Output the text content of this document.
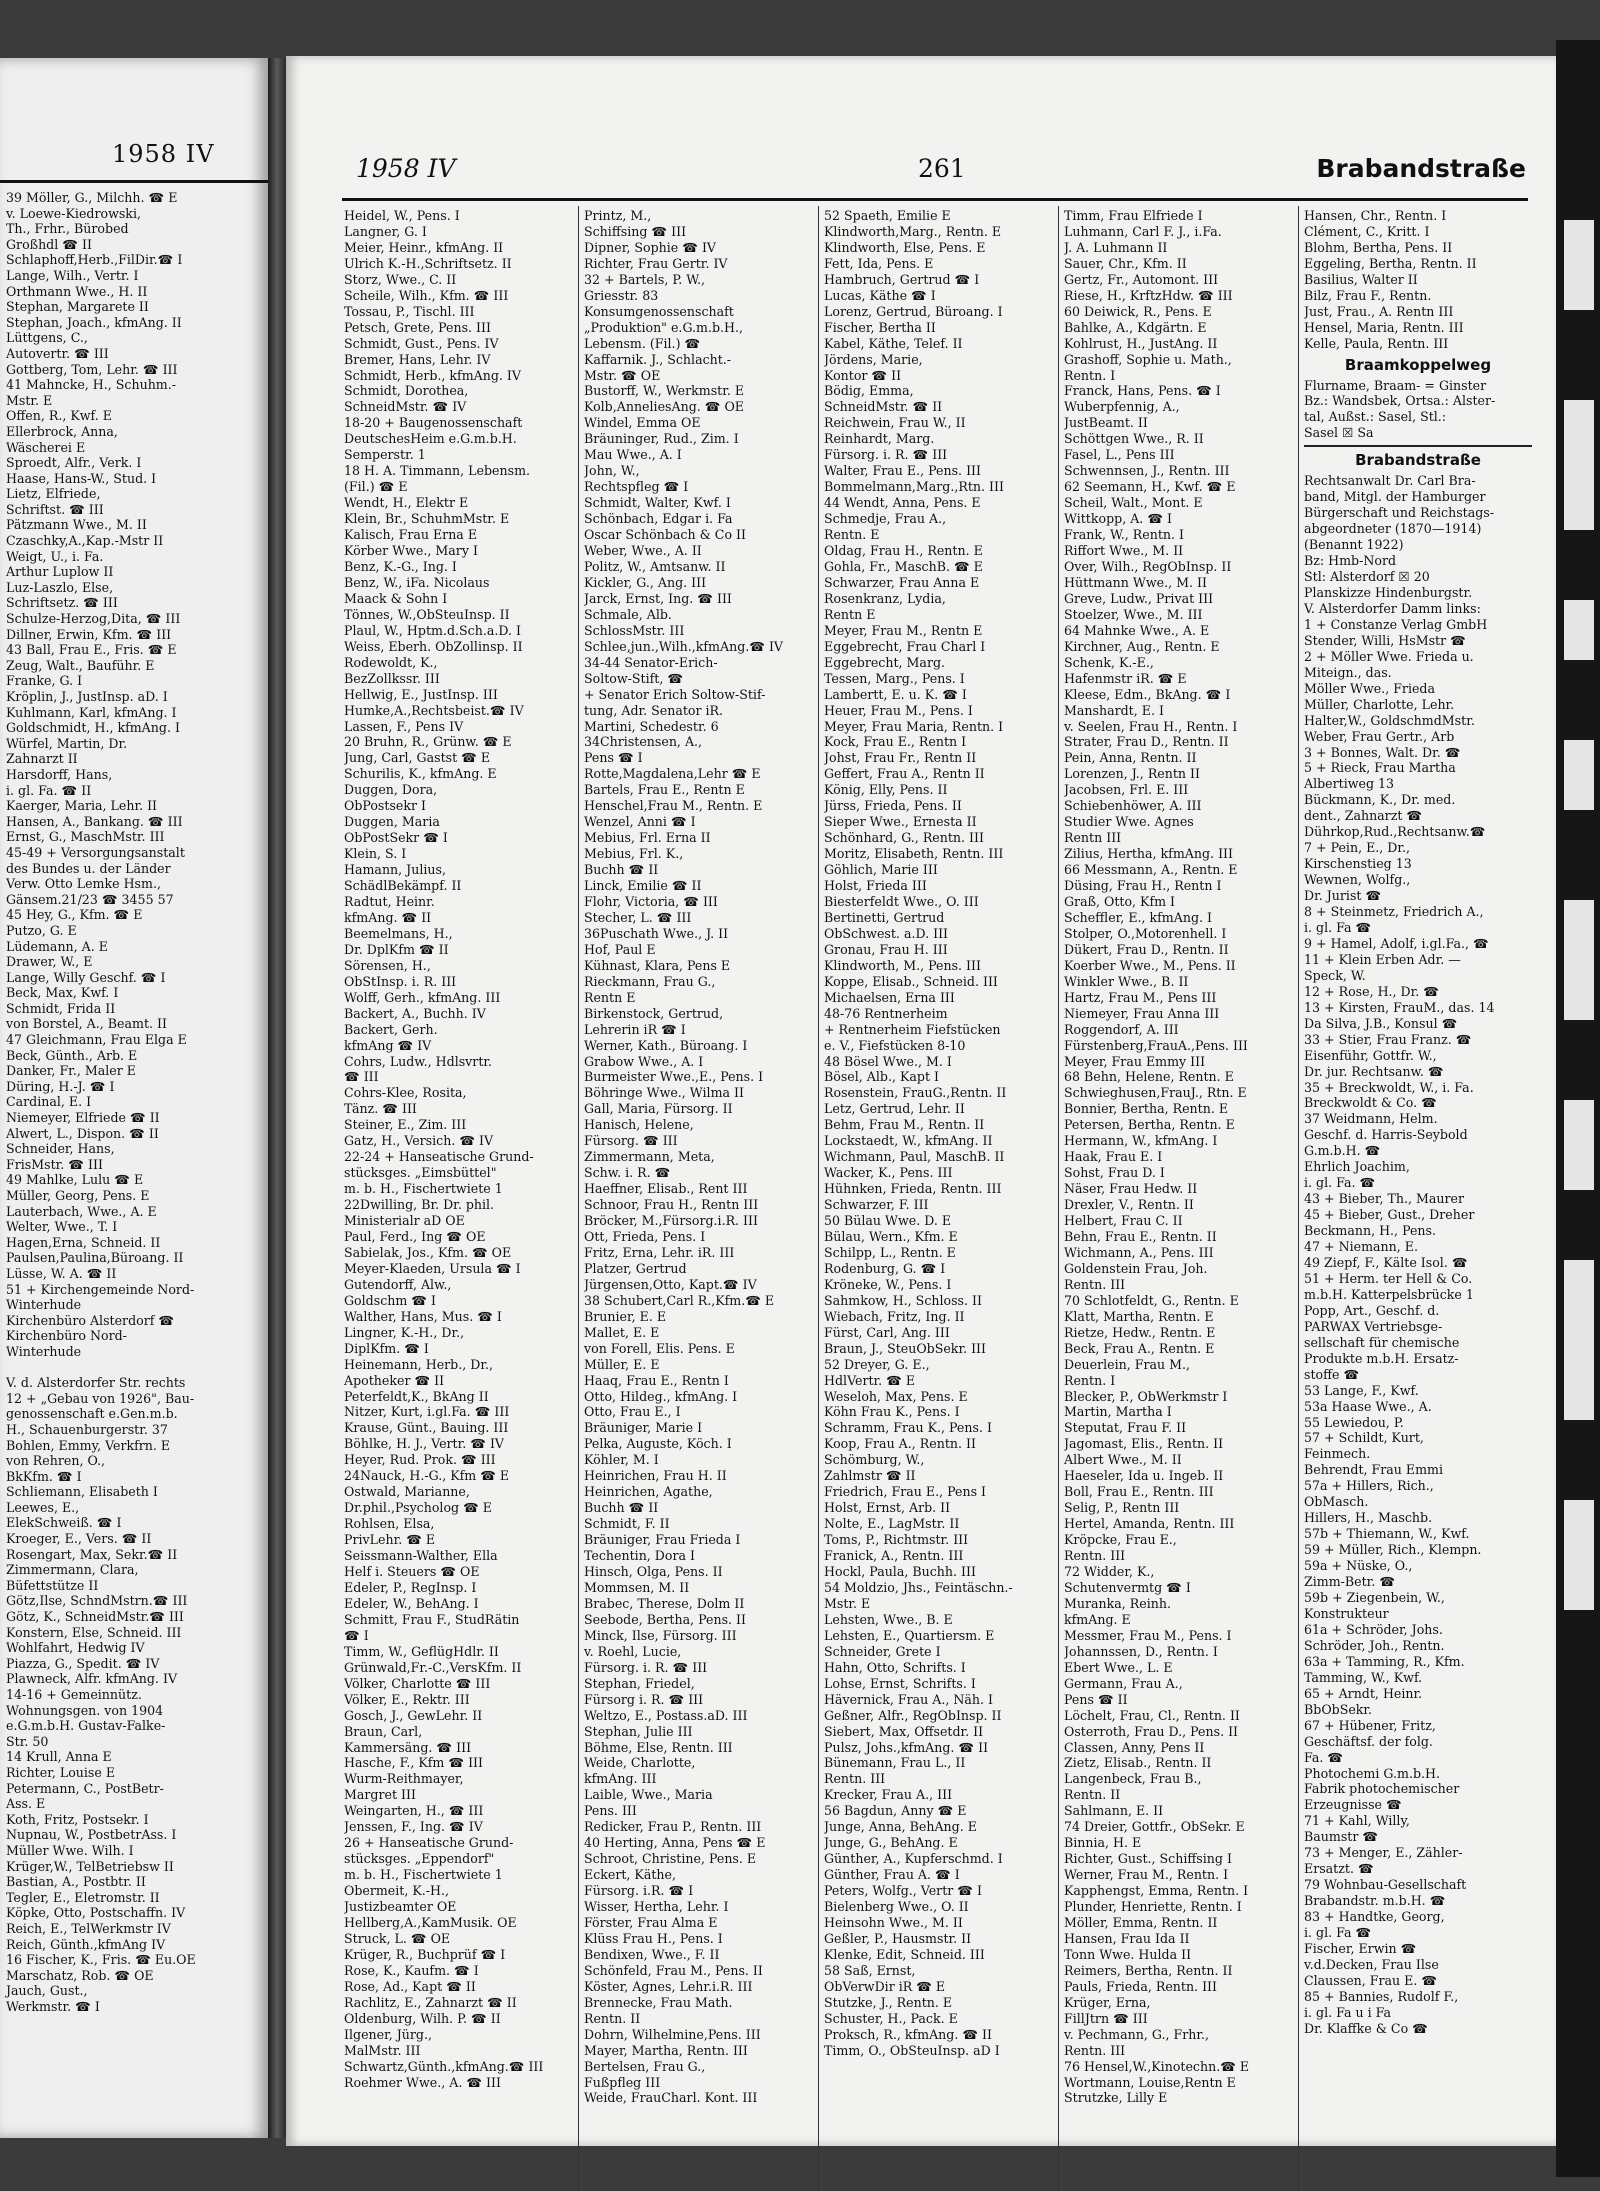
1958 IV
39 Möller, G., Milchh. ☎ E
v. Loewe-Kiedrowski,
Th., Frhr., Bürobed
Großhdl ☎ II
Schlaphoff,Herb.,FilDir.☎ I
Lange, Wilh., Vertr. I
Orthmann Wwe., H. II
Stephan, Margarete II
Stephan, Joach., kfmAng. II
Lüttgens, C.,
Autovertr. ☎ III
Gottberg, Tom, Lehr. ☎ III
41 Mahncke, H., Schuhm.-
Mstr. E
Offen, R., Kwf. E
Ellerbrock, Anna,
Wäscherei E
Sproedt, Alfr., Verk. I
Haase, Hans-W., Stud. I
Lietz, Elfriede,
Schriftst. ☎ III
Pätzmann Wwe., M. II
Czaschky,A.,Kap.-Mstr II
Weigt, U., i. Fa.
Arthur Luplow II
Luz-Laszlo, Else,
Schriftsetz. ☎ III
Schulze-Herzog,Dita, ☎ III
Dillner, Erwin, Kfm. ☎ III
43 Ball, Frau E., Fris. ☎ E
Zeug, Walt., Bauführ. E
Franke, G. I
Kröplin, J., JustInsp. aD. I
Kuhlmann, Karl, kfmAng. I
Goldschmidt, H., kfmAng. I
Würfel, Martin, Dr.
Zahnarzt II
Harsdorff, Hans,
i. gl. Fa. ☎ II
Kaerger, Maria, Lehr. II
Hansen, A., Bankang. ☎ III
Ernst, G., MaschMstr. III
45-49 + Versorgungsanstalt
des Bundes u. der Länder
Verw. Otto Lemke Hsm.,
Gänsem.21/23 ☎ 3455 57
45 Hey, G., Kfm. ☎ E
Putzo, G. E
Lüdemann, A. E
Drawer, W., E
Lange, Willy Geschf. ☎ I
Beck, Max, Kwf. I
Schmidt, Frida II
von Borstel, A., Beamt. II
47 Gleichmann, Frau Elga E
Beck, Günth., Arb. E
Danker, Fr., Maler E
Düring, H.-J. ☎ I
Cardinal, E. I
Niemeyer, Elfriede ☎ II
Alwert, L., Dispon. ☎ II
Schneider, Hans,
FrisMstr. ☎ III
49 Mahlke, Lulu ☎ E
Müller, Georg, Pens. E
Lauterbach, Wwe., A. E
Welter, Wwe., T. I
Hagen,Erna, Schneid. II
Paulsen,Paulina,Büroang. II
Lüsse, W. A. ☎ II
51 + Kirchengemeinde Nord-
Winterhude
Kirchenbüro Alsterdorf ☎
Kirchenbüro Nord-
Winterhude

V. d. Alsterdorfer Str. rechts
12 + „Gebau von 1926", Bau-
genossenschaft e.Gen.m.b.
H., Schauenburgerstr. 37
Bohlen, Emmy, Verkfrn. E
von Rehren, O.,
BkKfm. ☎ I
Schliemann, Elisabeth I
Leewes, E.,
ElekSchweiß. ☎ I
Kroeger, E., Vers. ☎ II
Rosengart, Max, Sekr.☎ II
Zimmermann, Clara,
Büfettstütze II
Götz,Ilse, SchndMstrn.☎ III
Götz, K., SchneidMstr.☎ III
Konstern, Else, Schneid. III
Wohlfahrt, Hedwig IV
Piazza, G., Spedit. ☎ IV
Plawneck, Alfr. kfmAng. IV
14-16 + Gemeinnütz.
Wohnungsgen. von 1904
e.G.m.b.H. Gustav-Falke-
Str. 50
14 Krull, Anna E
Richter, Louise E
Petermann, C., PostBetr-
Ass. E
Koth, Fritz, Postsekr. I
Nupnau, W., PostbetrAss. I
Müller Wwe. Wilh. I
Krüger,W., TelBetriebsw II
Bastian, A., Postbtr. II
Tegler, E., Eletromstr. II
Köpke, Otto, Postschaffn. IV
Reich, E., TelWerkmstr IV
Reich, Günth.,kfmAng IV
16 Fischer, K., Fris. ☎ Eu.OE
Marschatz, Rob. ☎ OE
Jauch, Gust.,
Werkmstr. ☎ I
1958 IV	261	Brabandstraße
Heidel, W., Pens. I
Langner, G. I
Meier, Heinr., kfmAng. II
Ulrich K.-H.,Schriftsetz. II
Storz, Wwe., C. II
Scheile, Wilh., Kfm. ☎ III
Tossau, P., Tischl. III
Petsch, Grete, Pens. III
Schmidt, Gust., Pens. IV
Bremer, Hans, Lehr. IV
Schmidt, Herb., kfmAng. IV
Schmidt, Dorothea,
SchneidMstr. ☎ IV
18-20 + Baugenossenschaft
DeutschesHeim e.G.m.b.H.
Semperstr. 1
18 H. A. Timmann, Lebensm.
(Fil.) ☎ E
Wendt, H., Elektr E
Klein, Br., SchuhmMstr. E
Kalisch, Frau Erna E
Körber Wwe., Mary I
Benz, K.-G., Ing. I
Benz, W., iFa. Nicolaus
Maack & Sohn I
Tönnes, W.,ObSteuInsp. II
Plaul, W., Hptm.d.Sch.a.D. I
Weiss, Eberh. ObZollinsp. II
Rodewoldt, K.,
BezZollkssr. III
Hellwig, E., JustInsp. III
Humke,A.,Rechtsbeist.☎ IV
Lassen, F., Pens IV
20 Bruhn, R., Grünw. ☎ E
Jung, Carl, Gastst ☎ E
Schurilis, K., kfmAng. E
Duggen, Dora,
ObPostsekr I
Duggen, Maria
ObPostSekr ☎ I
Klein, S. I
Hamann, Julius,
SchädlBekämpf. II
Radtut, Heinr.
kfmAng. ☎ II
Beemelmans, H.,
Dr. DplKfm ☎ II
Sörensen, H.,
ObStInsp. i. R. III
Wolff, Gerh., kfmAng. III
Backert, A., Buchh. IV
Backert, Gerh.
kfmAng ☎ IV
Cohrs, Ludw., Hdlsvrtr.
☎ III
Cohrs-Klee, Rosita,
Tänz. ☎ III
Steiner, E., Zim. III
Gatz, H., Versich. ☎ IV
22-24 + Hanseatische Grund-
stücksges. „Eimsbüttel"
m. b. H., Fischertwiete 1
22Dwilling, Br. Dr. phil.
Ministerialr aD OE
Paul, Ferd., Ing ☎ OE
Sabielak, Jos., Kfm. ☎ OE
Meyer-Klaeden, Ursula ☎ I
Gutendorff, Alw.,
Goldschm ☎ I
Walther, Hans, Mus. ☎ I
Lingner, K.-H., Dr.,
DiplKfm. ☎ I
Heinemann, Herb., Dr.,
Apotheker ☎ II
Peterfeldt,K., BkAng II
Nitzer, Kurt, i.gl.Fa. ☎ III
Krause, Günt., Bauing. III
Böhlke, H. J., Vertr. ☎ IV
Heyer, Rud. Prok. ☎ III
24Nauck, H.-G., Kfm ☎ E
Ostwald, Marianne,
Dr.phil.,Psycholog ☎ E
Rohlsen, Elsa,
PrivLehr. ☎ E
Seissmann-Walther, Ella
Helf i. Steuers ☎ OE
Edeler, P., RegInsp. I
Edeler, W., BehAng. I
Schmitt, Frau F., StudRätin
☎ I
Timm, W., GeflügHdlr. II
Grünwald,Fr.-C.,VersKfm. II
Völker, Charlotte ☎ III
Völker, E., Rektr. III
Gosch, J., GewLehr. II
Braun, Carl,
Kammersäng. ☎ III
Hasche, F., Kfm ☎ III
Wurm-Reithmayer,
Margret III
Weingarten, H., ☎ III
Jenssen, F., Ing. ☎ IV
26 + Hanseatische Grund-
stücksges. „Eppendorf"
m. b. H., Fischertwiete 1
Obermeit, K.-H.,
Justizbeamter OE
Hellberg,A.,KamMusik. OE
Struck, L. ☎ OE
Krüger, R., Buchprüf ☎ I
Rose, K., Kaufm. ☎ I
Rose, Ad., Kapt ☎ II
Rachlitz, E., Zahnarzt ☎ II
Oldenburg, Wilh. P. ☎ II
Ilgener, Jürg.,
MalMstr. III
Schwartz,Günth.,kfmAng.☎ III
Roehmer Wwe., A. ☎ III
Printz, M.,
Schiffsing ☎ III
Dipner, Sophie ☎ IV
Richter, Frau Gertr. IV
32 + Bartels, P. W.,
Griesstr. 83
Konsumgenossenschaft
„Produktion" e.G.m.b.H.,
Lebensm. (Fil.) ☎
Kaffarnik. J., Schlacht.-
Mstr. ☎ OE
Bustorff, W., Werkmstr. E
Kolb,AnneliesAng. ☎ OE
Windel, Emma OE
Bräuninger, Rud., Zim. I
Mau Wwe., A. I
John, W.,
Rechtspfleg ☎ I
Schmidt, Walter, Kwf. I
Schönbach, Edgar i. Fa
Oscar Schönbach & Co II
Weber, Wwe., A. II
Politz, W., Amtsanw. II
Kickler, G., Ang. III
Jarck, Ernst, Ing. ☎ III
Schmale, Alb.
SchlossMstr. III
Schlee,jun.,Wilh.,kfmAng.☎ IV
34-44 Senator-Erich-
Soltow-Stift, ☎
+ Senator Erich Soltow-Stif-
tung, Adr. Senator iR.
Martini, Schedestr. 6
34Christensen, A.,
Pens ☎ I
Rotte,Magdalena,Lehr ☎ E
Bartels, Frau E., Rentn E
Henschel,Frau M., Rentn. E
Wenzel, Anni ☎ I
Mebius, Frl. Erna II
Mebius, Frl. K.,
Buchh ☎ II
Linck, Emilie ☎ II
Flohr, Victoria, ☎ III
Stecher, L. ☎ III
36Puschath Wwe., J. II
Hof, Paul E
Kühnast, Klara, Pens E
Rieckmann, Frau G.,
Rentn E
Birkenstock, Gertrud,
Lehrerin iR ☎ I
Werner, Kath., Büroang. I
Grabow Wwe., A. I
Burmeister Wwe.,E., Pens. I
Böhringe Wwe., Wilma II
Gall, Maria, Fürsorg. II
Hanisch, Helene,
Fürsorg. ☎ III
Zimmermann, Meta,
Schw. i. R. ☎
Haeffner, Elisab., Rent III
Schnoor, Frau H., Rentn III
Bröcker, M.,Fürsorg.i.R. III
Ott, Frieda, Pens. I
Fritz, Erna, Lehr. iR. III
Platzer, Gertrud
Jürgensen,Otto, Kapt.☎ IV
38 Schubert,Carl R.,Kfm.☎ E
Brunier, E. E
Mallet, E. E
von Forell, Elis. Pens. E
Müller, E. E
Haaq, Frau E., Rentn I
Otto, Hildeg., kfmAng. I
Otto, Frau E., I
Bräuniger, Marie I
Pelka, Auguste, Köch. I
Köhler, M. I
Heinrichen, Frau H. II
Heinrichen, Agathe,
Buchh ☎ II
Schmidt, F. II
Bräuniger, Frau Frieda I
Techentin, Dora I
Hinsch, Olga, Pens. II
Mommsen, M. II
Brabec, Therese, Dolm II
Seebode, Bertha, Pens. II
Minck, Ilse, Fürsorg. III
v. Roehl, Lucie,
Fürsorg. i. R. ☎ III
Stephan, Friedel,
Fürsorg i. R. ☎ III
Weltzo, E., Postass.aD. III
Stephan, Julie III
Böhme, Else, Rentn. III
Weide, Charlotte,
kfmAng. III
Laible, Wwe., Maria
Pens. III
Redicker, Frau P., Rentn. III
40 Herting, Anna, Pens ☎ E
Schroot, Christine, Pens. E
Eckert, Käthe,
Fürsorg. i.R. ☎ I
Wisser, Hertha, Lehr. I
Förster, Frau Alma E
Klüss Frau H., Pens. I
Bendixen, Wwe., F. II
Schönfeld, Frau M., Pens. II
Köster, Agnes, Lehr.i.R. III
Brennecke, Frau Math.
Rentn. II
Dohrn, Wilhelmine,Pens. III
Mayer, Martha, Rentn. III
Bertelsen, Frau G.,
Fußpfleg III
Weide, FrauCharl. Kont. III
52 Spaeth, Emilie E
Klindworth,Marg., Rentn. E
Klindworth, Else, Pens. E
Fett, Ida, Pens. E
Hambruch, Gertrud ☎ I
Lucas, Käthe ☎ I
Lorenz, Gertrud, Büroang. I
Fischer, Bertha II
Kabel, Käthe, Telef. II
Jördens, Marie,
Kontor ☎ II
Bödig, Emma,
SchneidMstr. ☎ II
Reichwein, Frau W., II
Reinhardt, Marg.
Fürsorg. i. R. ☎ III
Walter, Frau E., Pens. III
Bommelmann,Marg.,Rtn. III
44 Wendt, Anna, Pens. E
Schmedje, Frau A.,
Rentn. E
Oldag, Frau H., Rentn. E
Gohla, Fr., MaschB. ☎ E
Schwarzer, Frau Anna E
Rosenkranz, Lydia,
Rentn E
Meyer, Frau M., Rentn E
Eggebrecht, Frau Charl I
Eggebrecht, Marg.
Tessen, Marg., Pens. I
Lambertt, E. u. K. ☎ I
Heuer, Frau M., Pens. I
Meyer, Frau Maria, Rentn. I
Kock, Frau E., Rentn I
Johst, Frau Fr., Rentn II
Geffert, Frau A., Rentn II
König, Elly, Pens. II
Jürss, Frieda, Pens. II
Sieper Wwe., Ernesta II
Schönhard, G., Rentn. III
Moritz, Elisabeth, Rentn. III
Göhlich, Marie III
Holst, Frieda III
Biesterfeldt Wwe., O. III
Bertinetti, Gertrud
ObSchwest. a.D. III
Gronau, Frau H. III
Klindworth, M., Pens. III
Koppe, Elisab., Schneid. III
Michaelsen, Erna III
48-76 Rentnerheim
+ Rentnerheim Fiefstücken
e. V., Fiefstücken 8-10
48 Bösel Wwe., M. I
Bösel, Alb., Kapt I
Rosenstein, FrauG.,Rentn. II
Letz, Gertrud, Lehr. II
Behm, Frau M., Rentn. II
Lockstaedt, W., kfmAng. II
Wichmann, Paul, MaschB. II
Wacker, K., Pens. III
Hühnken, Frieda, Rentn. III
Schwarzer, F. III
50 Bülau Wwe. D. E
Bülau, Wern., Kfm. E
Schilpp, L., Rentn. E
Rodenburg, G. ☎ I
Kröneke, W., Pens. I
Sahmkow, H., Schloss. II
Wiebach, Fritz, Ing. II
Fürst, Carl, Ang. III
Braun, J., SteuObSekr. III
52 Dreyer, G. E.,
HdlVertr. ☎ E
Weseloh, Max, Pens. E
Köhn Frau K., Pens. I
Schramm, Frau K., Pens. I
Koop, Frau A., Rentn. II
Schömburg, W.,
Zahlmstr ☎ II
Friedrich, Frau E., Pens I
Holst, Ernst, Arb. II
Nolte, E., LagMstr. II
Toms, P., Richtmstr. III
Franick, A., Rentn. III
Hockl, Paula, Buchh. III
54 Moldzio, Jhs., Feintäschn.-
Mstr. E
Lehsten, Wwe., B. E
Lehsten, E., Quartiersm. E
Schneider, Grete I
Hahn, Otto, Schrifts. I
Lohse, Ernst, Schrifts. I
Hävernick, Frau A., Näh. I
Geßner, Alfr., RegObInsp. II
Siebert, Max, Offsetdr. II
Pulsz, Johs.,kfmAng. ☎ II
Bünemann, Frau L., II
Rentn. III
Krecker, Frau A., III
56 Bagdun, Anny ☎ E
Junge, Anna, BehAng. E
Junge, G., BehAng. E
Günther, A., Kupferschmd. I
Günther, Frau A. ☎ I
Peters, Wolfg., Vertr ☎ I
Bielenberg Wwe., O. II
Heinsohn Wwe., M. II
Geßler, P., Hausmstr. II
Klenke, Edit, Schneid. III
58 Saß, Ernst,
ObVerwDir iR ☎ E
Stutzke, J., Rentn. E
Schuster, H., Pack. E
Proksch, R., kfmAng. ☎ II
Timm, O., ObSteuInsp. aD I
Timm, Frau Elfriede I
Luhmann, Carl F. J., i.Fa.
J. A. Luhmann II
Sauer, Chr., Kfm. II
Gertz, Fr., Automont. III
Riese, H., KrftzHdw. ☎ III
60 Deiwick, R., Pens. E
Bahlke, A., Kdgärtn. E
Kohlrust, H., JustAng. II
Grashoff, Sophie u. Math.,
Rentn. I
Franck, Hans, Pens. ☎ I
Wuberpfennig, A.,
JustBeamt. II
Schöttgen Wwe., R. II
Fasel, L., Pens III
Schwennsen, J., Rentn. III
62 Seemann, H., Kwf. ☎ E
Scheil, Walt., Mont. E
Wittkopp, A. ☎ I
Frank, W., Rentn. I
Riffort Wwe., M. II
Over, Wilh., RegObInsp. II
Hüttmann Wwe., M. II
Greve, Ludw., Privat III
Stoelzer, Wwe., M. III
64 Mahnke Wwe., A. E
Kirchner, Aug., Rentn. E
Schenk, K.-E.,
Hafenmstr iR. ☎ E
Kleese, Edm., BkAng. ☎ I
Manshardt, E. I
v. Seelen, Frau H., Rentn. I
Strater, Frau D., Rentn. II
Pein, Anna, Rentn. II
Lorenzen, J., Rentn II
Jacobsen, Frl. E. III
Schiebenhöwer, A. III
Studier Wwe. Agnes
Rentn III
Zilius, Hertha, kfmAng. III
66 Messmann, A., Rentn. E
Düsing, Frau H., Rentn I
Graß, Otto, Kfm I
Scheffler, E., kfmAng. I
Stolper, O.,Motorenhell. I
Dükert, Frau D., Rentn. II
Koerber Wwe., M., Pens. II
Winkler Wwe., B. II
Hartz, Frau M., Pens III
Niemeyer, Frau Anna III
Roggendorf, A. III
Fürstenberg,FrauA.,Pens. III
Meyer, Frau Emmy III
68 Behn, Helene, Rentn. E
Schwieghusen,FrauJ., Rtn. E
Bonnier, Bertha, Rentn. E
Petersen, Bertha, Rentn. E
Hermann, W., kfmAng. I
Haak, Frau E. I
Sohst, Frau D. I
Näser, Frau Hedw. II
Drexler, V., Rentn. II
Helbert, Frau C. II
Behn, Frau E., Rentn. II
Wichmann, A., Pens. III
Goldenstein Frau, Joh.
Rentn. III
70 Schlotfeldt, G., Rentn. E
Klatt, Martha, Rentn. E
Rietze, Hedw., Rentn. E
Beck, Frau A., Rentn. E
Deuerlein, Frau M.,
Rentn. I
Blecker, P., ObWerkmstr I
Martin, Martha I
Steputat, Frau F. II
Jagomast, Elis., Rentn. II
Albert Wwe., M. II
Haeseler, Ida u. Ingeb. II
Boll, Frau E., Rentn. III
Selig, P., Rentn III
Hertel, Amanda, Rentn. III
Kröpcke, Frau E.,
Rentn. III
72 Widder, K.,
Schutenvermtg ☎ I
Muranka, Reinh.
kfmAng. E
Messmer, Frau M., Pens. I
Johannssen, D., Rentn. I
Ebert Wwe., L. E
Germann, Frau A.,
Pens ☎ II
Löchelt, Frau, Cl., Rentn. II
Osterroth, Frau D., Pens. II
Classen, Anny, Pens II
Zietz, Elisab., Rentn. II
Langenbeck, Frau B.,
Rentn. II
Sahlmann, E. II
74 Dreier, Gottfr., ObSekr. E
Binnia, H. E
Richter, Gust., Schiffsing I
Werner, Frau M., Rentn. I
Kapphengst, Emma, Rentn. I
Plunder, Henriette, Rentn. I
Möller, Emma, Rentn. II
Hansen, Frau Ida II
Tonn Wwe. Hulda II
Reimers, Bertha, Rentn. II
Pauls, Frieda, Rentn. III
Krüger, Erna,
FillJtrn ☎ III
v. Pechmann, G., Frhr.,
Rentn. III
76 Hensel,W.,Kinotechn.☎ E
Wortmann, Louise,Rentn E
Strutzke, Lilly E
Hansen, Chr., Rentn. I
Clément, C., Kritt. I
Blohm, Bertha, Pens. II
Eggeling, Bertha, Rentn. II
Basilius, Walter II
Bilz, Frau F., Rentn.
Just, Frau., A. Rentn III
Hensel, Maria, Rentn. III
Kelle, Paula, Rentn. III
Braamkoppelweg
Flurname, Braam- = Ginster
Bz.: Wandsbek, Ortsa.: Alster-
tal, Außst.: Sasel, Stl.:
Sasel ☒ Sa
Brabandstraße
Rechtsanwalt Dr. Carl Bra-
band, Mitgl. der Hamburger
Bürgerschaft und Reichstags-
abgeordneter (1870—1914)
(Benannt 1922)
Bz: Hmb-Nord
Stl: Alsterdorf ☒ 20
Planskizze Hindenburgstr.
V. Alsterdorfer Damm links:
1 + Constanze Verlag GmbH
Stender, Willi, HsMstr ☎
2 + Möller Wwe. Frieda u.
Miteign., das.
Möller Wwe., Frieda
Müller, Charlotte, Lehr.
Halter,W., GoldschmdMstr.
Weber, Frau Gertr., Arb
3 + Bonnes, Walt. Dr. ☎
5 + Rieck, Frau Martha
Albertiweg 13
Bückmann, K., Dr. med.
dent., Zahnarzt ☎
Dührkop,Rud.,Rechtsanw.☎
7 + Pein, E., Dr.,
Kirschenstieg 13
Wewnen, Wolfg.,
Dr. Jurist ☎
8 + Steinmetz, Friedrich A.,
i. gl. Fa ☎
9 + Hamel, Adolf, i.gl.Fa., ☎
11 + Klein Erben Adr. —
Speck, W.
12 + Rose, H., Dr. ☎
13 + Kirsten, FrauM., das. 14
Da Silva, J.B., Konsul ☎
33 + Stier, Frau Franz. ☎
Eisenführ, Gottfr. W.,
Dr. jur. Rechtsanw. ☎
35 + Breckwoldt, W., i. Fa.
Breckwoldt & Co. ☎
37 Weidmann, Helm.
Geschf. d. Harris-Seybold
G.m.b.H. ☎
Ehrlich Joachim,
i. gl. Fa. ☎
43 + Bieber, Th., Maurer
45 + Bieber, Gust., Dreher
Beckmann, H., Pens.
47 + Niemann, E.
49 Ziepf, F., Kälte Isol. ☎
51 + Herm. ter Hell & Co.
m.b.H. Katterpelsbrücke 1
Popp, Art., Geschf. d.
PARWAX Vertriebsge-
sellschaft für chemische
Produkte m.b.H. Ersatz-
stoffe ☎
53 Lange, F., Kwf.
53a Haase Wwe., A.
55 Lewiedou, P.
57 + Schildt, Kurt,
Feinmech.
Behrendt, Frau Emmi
57a + Hillers, Rich.,
ObMasch.
Hillers, H., Maschb.
57b + Thiemann, W., Kwf.
59 + Müller, Rich., Klempn.
59a + Nüske, O.,
Zimm-Betr. ☎
59b + Ziegenbein, W.,
Konstrukteur
61a + Schröder, Johs.
Schröder, Joh., Rentn.
63a + Tamming, R., Kfm.
Tamming, W., Kwf.
65 + Arndt, Heinr.
BbObSekr.
67 + Hübener, Fritz,
Geschäftsf. der folg.
Fa. ☎
Photochemi G.m.b.H.
Fabrik photochemischer
Erzeugnisse ☎
71 + Kahl, Willy,
Baumstr ☎
73 + Menger, E., Zähler-
Ersatzt. ☎
79 Wohnbau-Gesellschaft
Brabandstr. m.b.H. ☎
83 + Handtke, Georg,
i. gl. Fa ☎
Fischer, Erwin ☎
v.d.Decken, Frau Ilse
Claussen, Frau E. ☎
85 + Bannies, Rudolf F.,
i. gl. Fa u i Fa
Dr. Klaffke & Co ☎
